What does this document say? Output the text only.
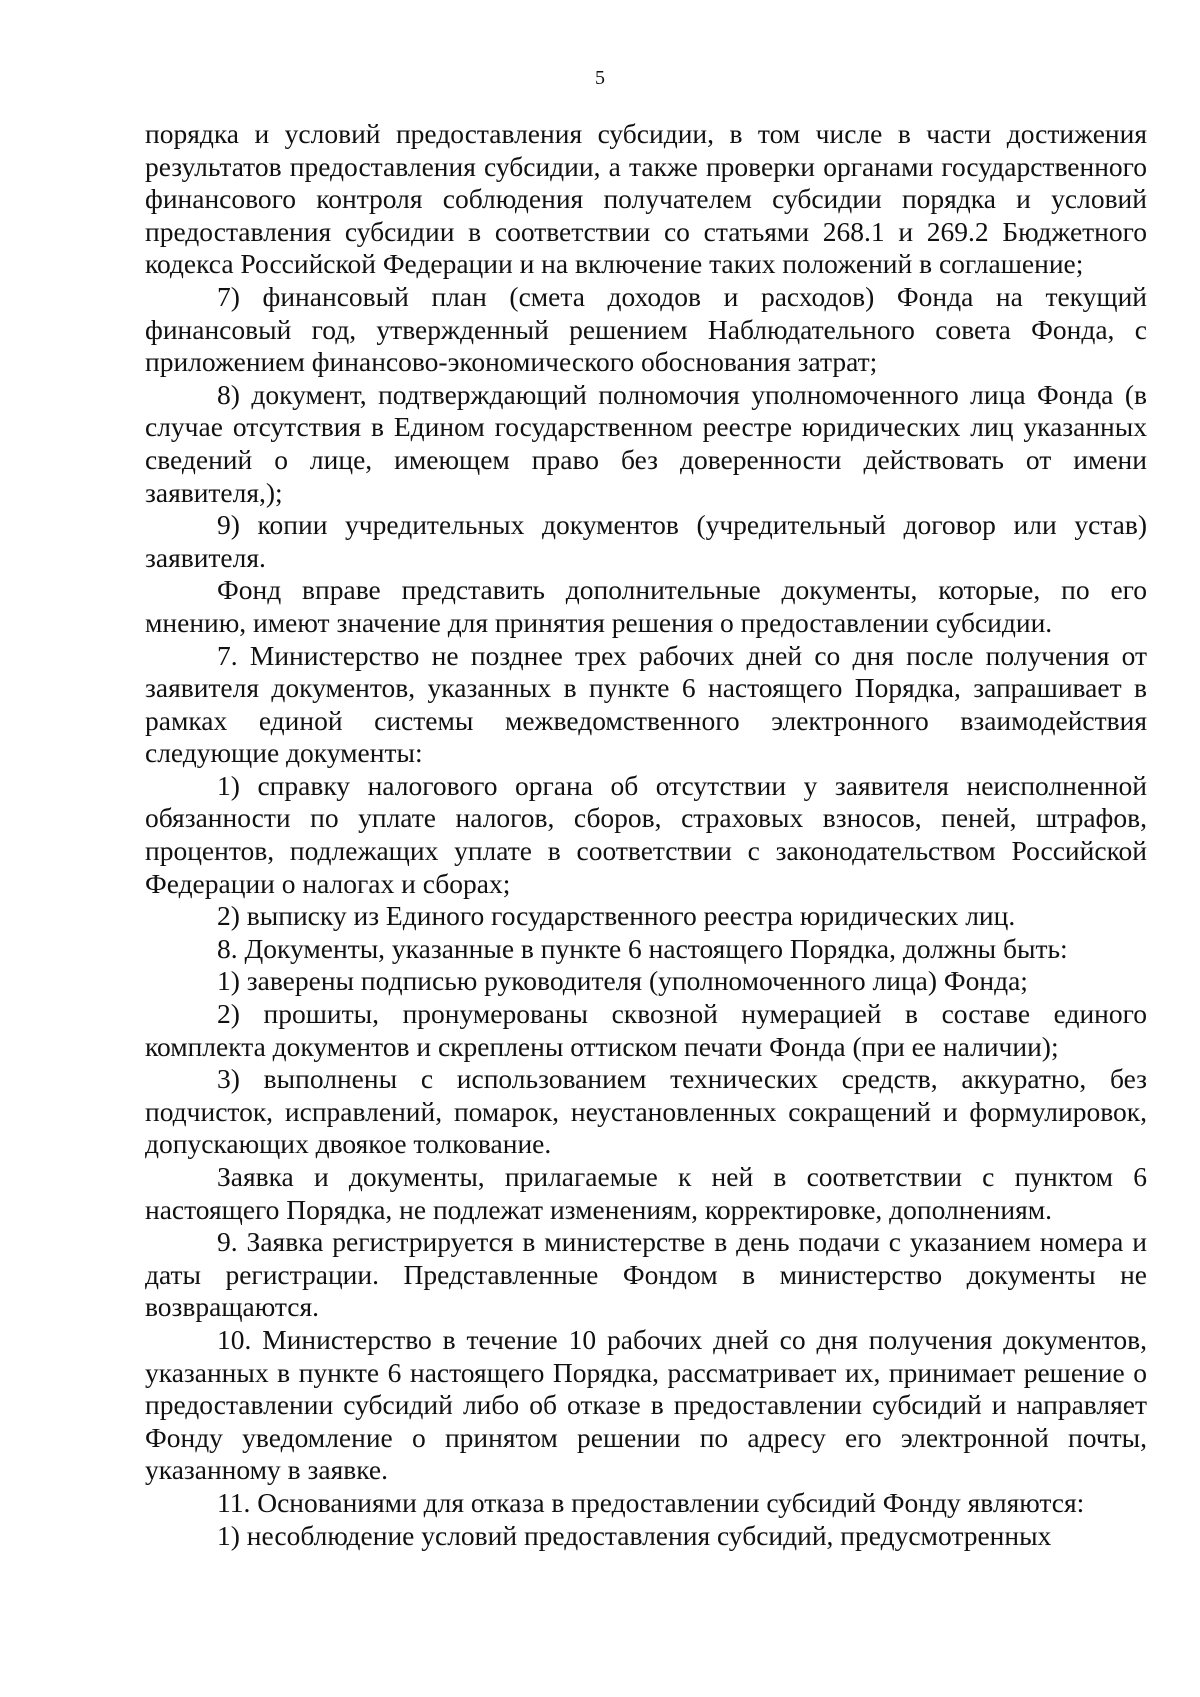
5

порядка и условий предоставления субсидии, в том числе в части достижения результатов предоставления субсидии, а также проверки органами государственного финансового контроля соблюдения получателем субсидии порядка и условий предоставления субсидии в соответствии со статьями 268.1 и 269.2 Бюджетного кодекса Российской Федерации и на включение таких положений в соглашение;

7) финансовый план (смета доходов и расходов) Фонда на текущий финансовый год, утвержденный решением Наблюдательного совета Фонда, с приложением финансово-экономического обоснования затрат;

8) документ, подтверждающий полномочия уполномоченного лица Фонда (в случае отсутствия в Едином государственном реестре юридических лиц указанных сведений о лице, имеющем право без доверенности действовать от имени заявителя,);

9) копии учредительных документов (учредительный договор или устав) заявителя.

Фонд вправе представить дополнительные документы, которые, по его мнению, имеют значение для принятия решения о предоставлении субсидии.

7. Министерство не позднее трех рабочих дней со дня после получения от заявителя документов, указанных в пункте 6 настоящего Порядка, запрашивает в рамках единой системы межведомственного электронного взаимодействия следующие документы:

1) справку налогового органа об отсутствии у заявителя неисполненной обязанности по уплате налогов, сборов, страховых взносов, пеней, штрафов, процентов, подлежащих уплате в соответствии с законодательством Российской Федерации о налогах и сборах;

2) выписку из Единого государственного реестра юридических лиц.

8. Документы, указанные в пункте 6 настоящего Порядка, должны быть:

1) заверены подписью руководителя (уполномоченного лица) Фонда;

2) прошиты, пронумерованы сквозной нумерацией в составе единого комплекта документов и скреплены оттиском печати Фонда (при ее наличии);

3) выполнены с использованием технических средств, аккуратно, без подчисток, исправлений, помарок, неустановленных сокращений и формулировок, допускающих двоякое толкование.

Заявка и документы, прилагаемые к ней в соответствии с пунктом 6 настоящего Порядка, не подлежат изменениям, корректировке, дополнениям.

9. Заявка регистрируется в министерстве в день подачи с указанием номера и даты регистрации. Представленные Фондом в министерство документы не возвращаются.

10. Министерство в течение 10 рабочих дней со дня получения документов, указанных в пункте 6 настоящего Порядка, рассматривает их, принимает решение о предоставлении субсидий либо об отказе в предоставлении субсидий и направляет Фонду уведомление о принятом решении по адресу его электронной почты, указанному в заявке.

11. Основаниями для отказа в предоставлении субсидий Фонду являются:

1) несоблюдение условий предоставления субсидий, предусмотренных
